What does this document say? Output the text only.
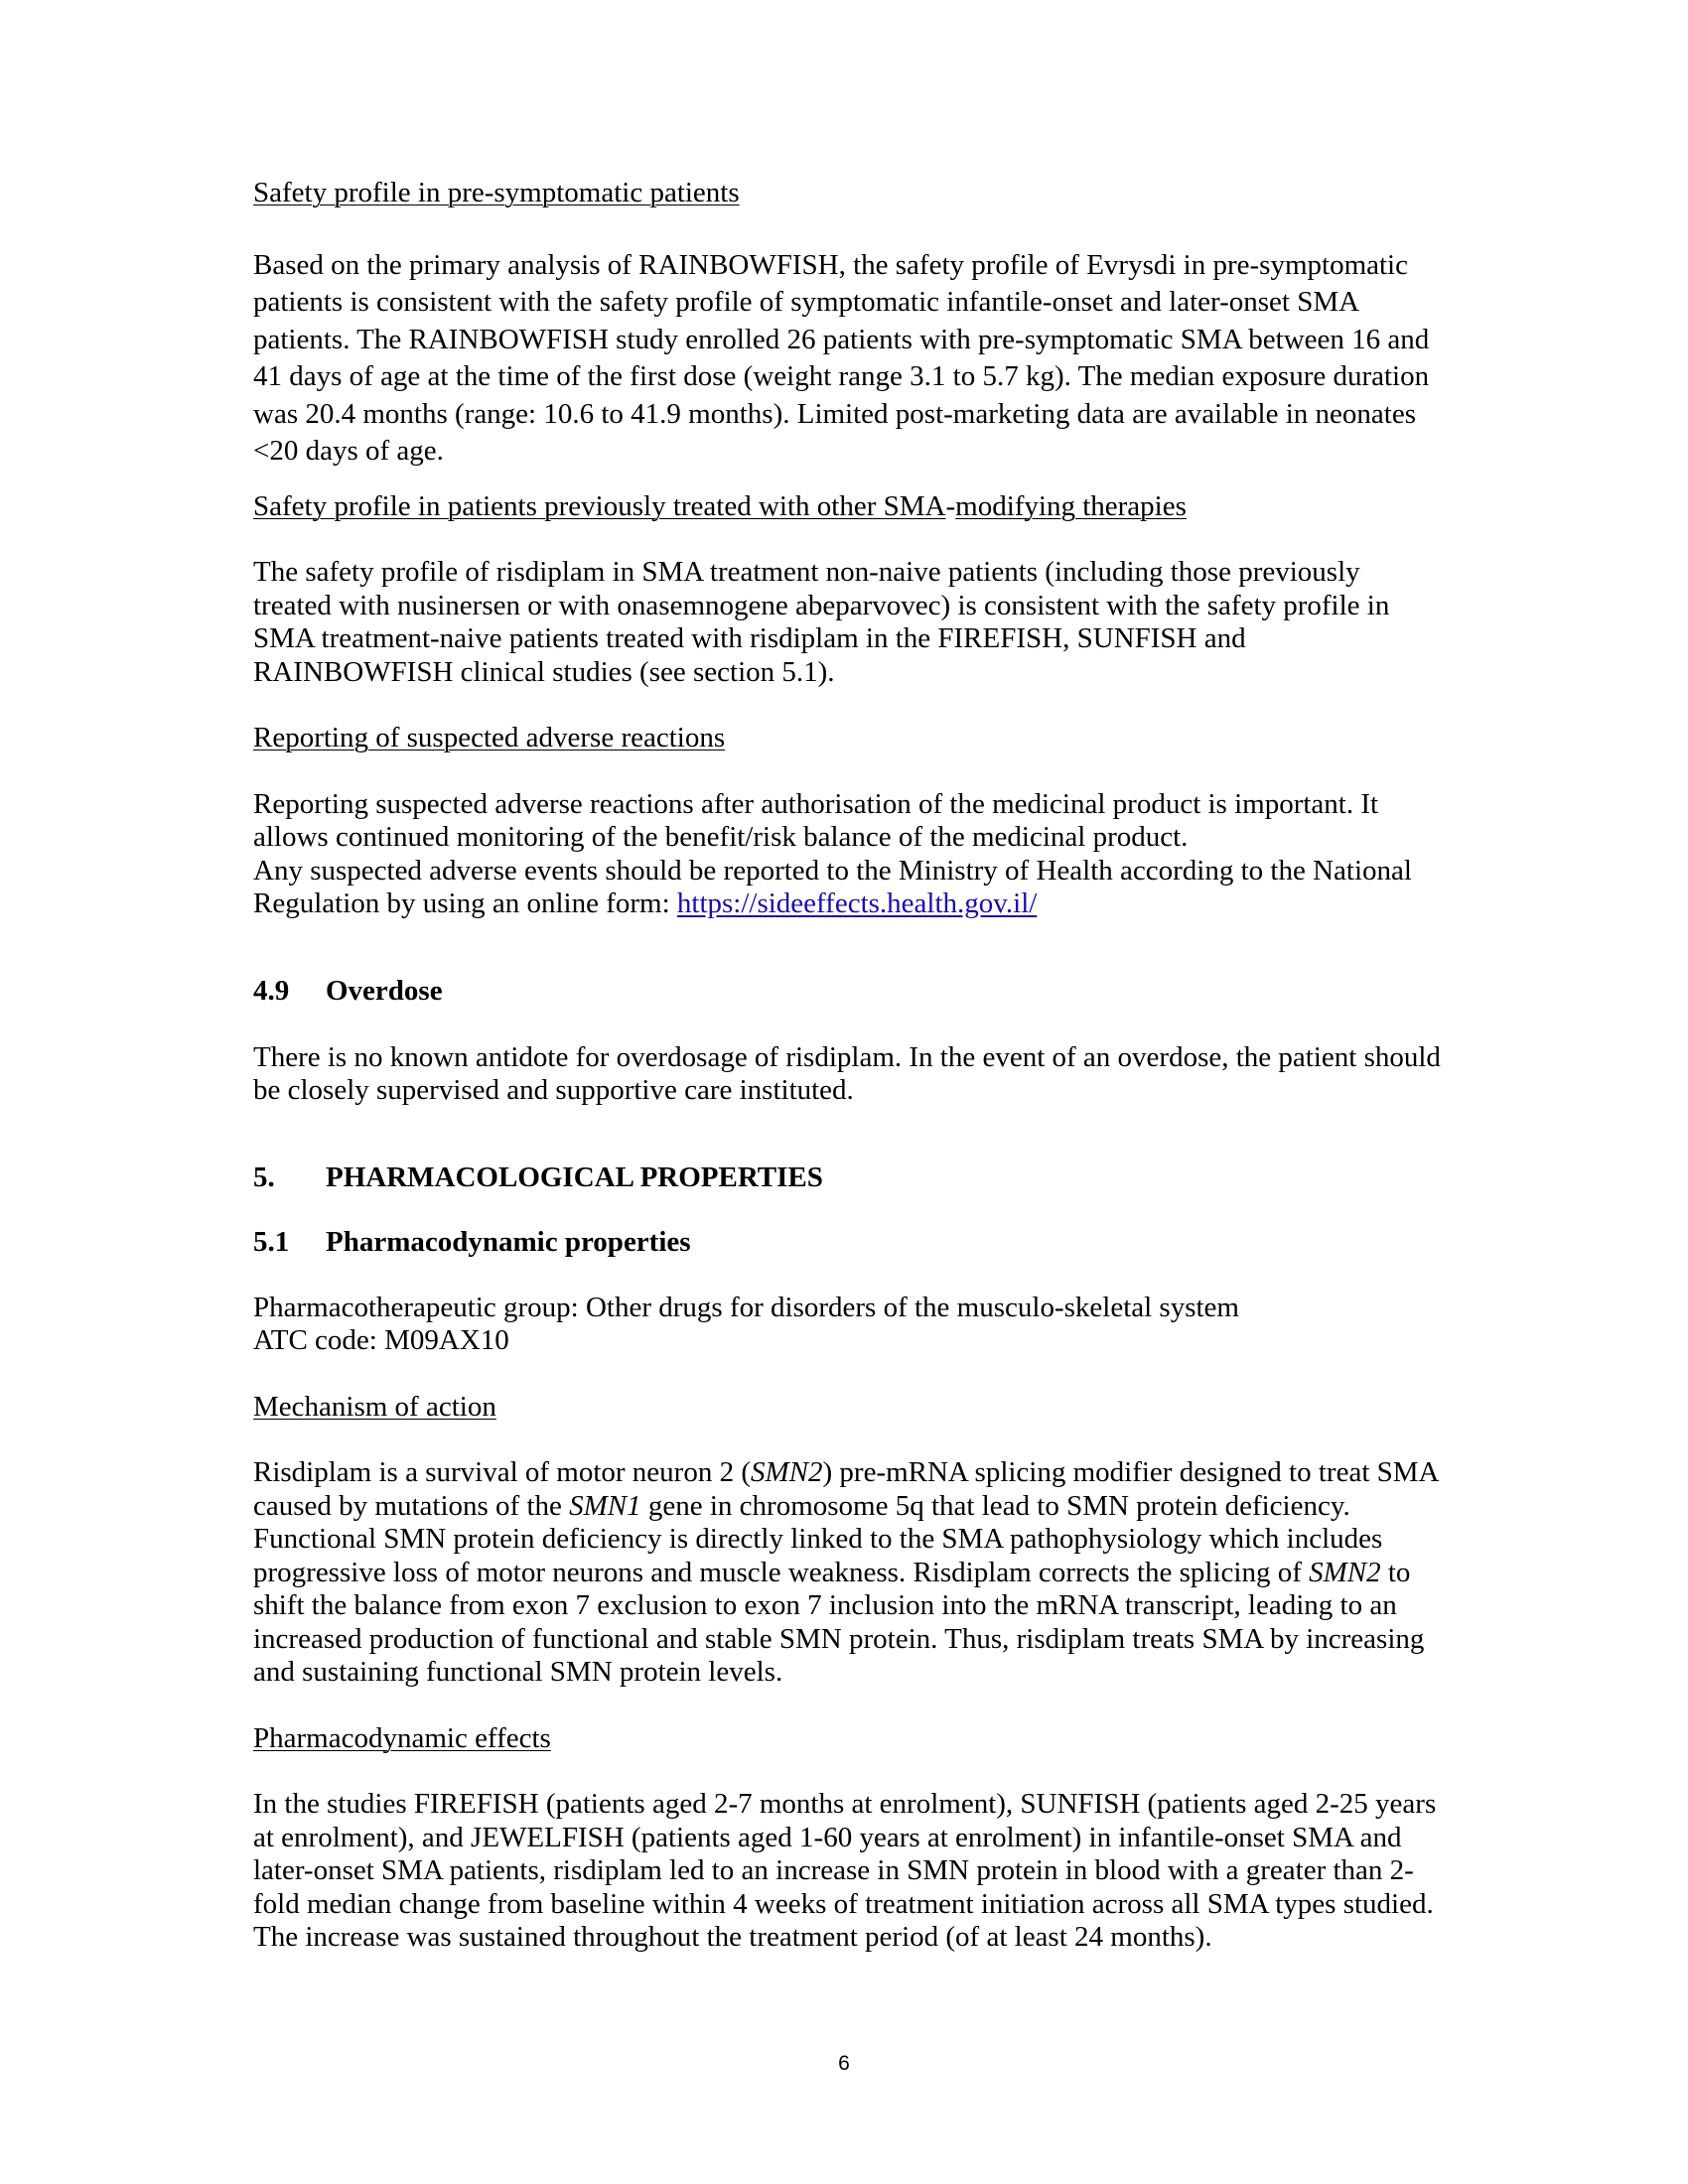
Safety profile in pre-symptomatic patients

Based on the primary analysis of RAINBOWFISH, the safety profile of Evrysdi in pre-symptomatic patients is consistent with the safety profile of symptomatic infantile-onset and later-onset SMA patients. The RAINBOWFISH study enrolled 26 patients with pre-symptomatic SMA between 16 and 41 days of age at the time of the first dose (weight range 3.1 to 5.7 kg). The median exposure duration was 20.4 months (range: 10.6 to 41.9 months). Limited post-marketing data are available in neonates <20 days of age.

Safety profile in patients previously treated with other SMA-modifying therapies

The safety profile of risdiplam in SMA treatment non-naive patients (including those previously treated with nusinersen or with onasemnogene abeparvovec) is consistent with the safety profile in SMA treatment-naive patients treated with risdiplam in the FIREFISH, SUNFISH and RAINBOWFISH clinical studies (see section 5.1).

Reporting of suspected adverse reactions

Reporting suspected adverse reactions after authorisation of the medicinal product is important. It allows continued monitoring of the benefit/risk balance of the medicinal product.

Any suspected adverse events should be reported to the Ministry of Health according to the National Regulation by using an online form: https://sideeffects.health.gov.il/

4.9	Overdose

There is no known antidote for overdosage of risdiplam. In the event of an overdose, the patient should be closely supervised and supportive care instituted.

5.	PHARMACOLOGICAL PROPERTIES
5.1	Pharmacodynamic properties

Pharmacotherapeutic group: Other drugs for disorders of the musculo-skeletal system

ATC code: M09AX10

Mechanism of action

Risdiplam is a survival of motor neuron 2 (SMN2) pre-mRNA splicing modifier designed to treat SMA caused by mutations of the SMN1 gene in chromosome 5q that lead to SMN protein deficiency. Functional SMN protein deficiency is directly linked to the SMA pathophysiology which includes progressive loss of motor neurons and muscle weakness. Risdiplam corrects the splicing of SMN2 to shift the balance from exon 7 exclusion to exon 7 inclusion into the mRNA transcript, leading to an increased production of functional and stable SMN protein. Thus, risdiplam treats SMA by increasing and sustaining functional SMN protein levels.

Pharmacodynamic effects

In the studies FIREFISH (patients aged 2-7 months at enrolment), SUNFISH (patients aged 2-25 years at enrolment), and JEWELFISH (patients aged 1-60 years at enrolment) in infantile-onset SMA and later-onset SMA patients, risdiplam led to an increase in SMN protein in blood with a greater than 2-fold median change from baseline within 4 weeks of treatment initiation across all SMA types studied. The increase was sustained throughout the treatment period (of at least 24 months).

6
